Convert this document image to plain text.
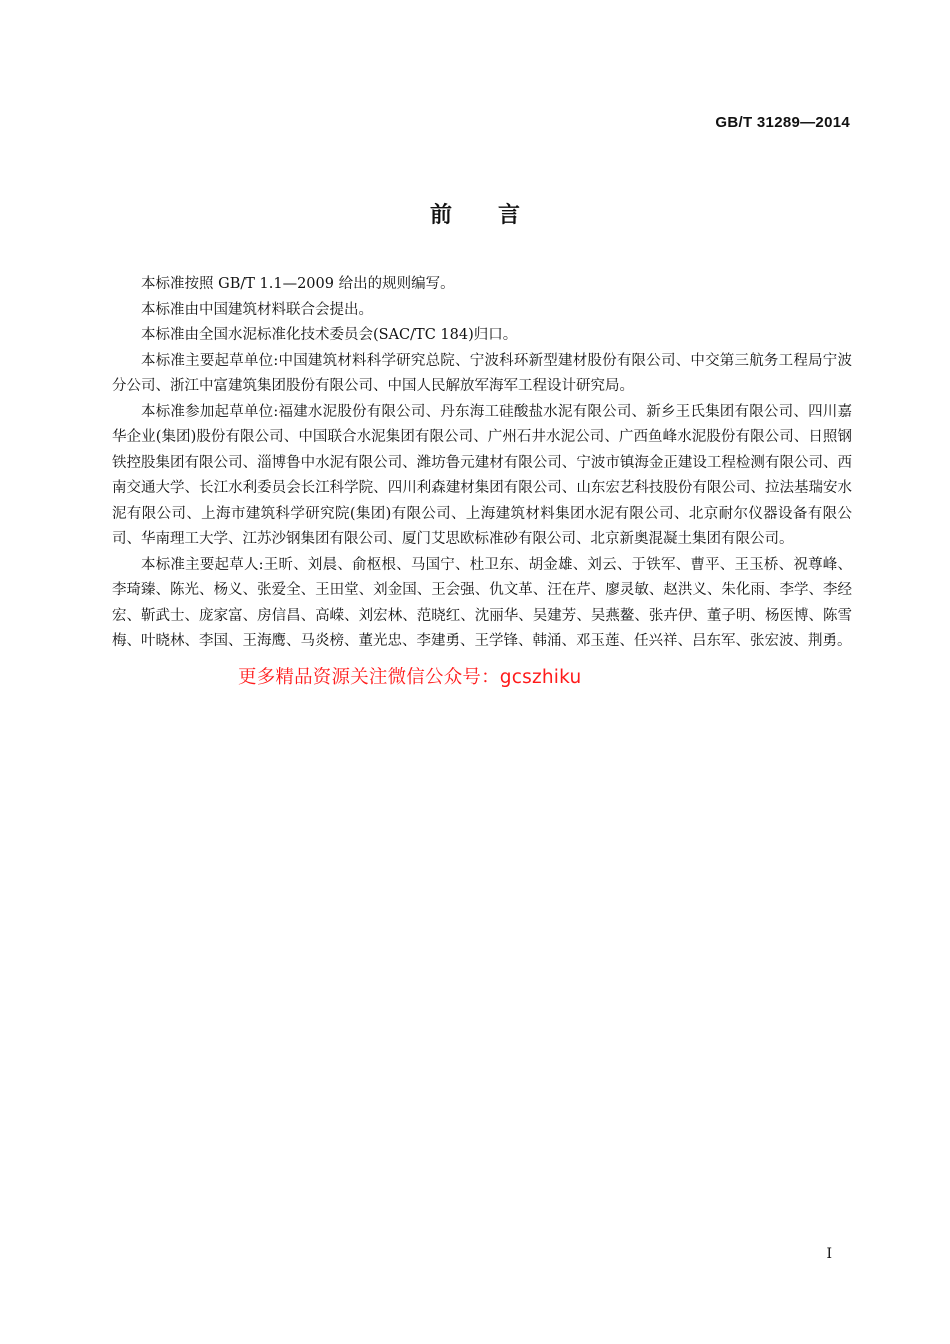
GB/T 31289—2014
前言

本标准按照 GB/T 1.1—2009 给出的规则编写。

本标准由中国建筑材料联合会提出。

本标准由全国水泥标准化技术委员会(SAC/TC 184)归口。

本标准主要起草单位:中国建筑材料科学研究总院、宁波科环新型建材股份有限公司、中交第三航务工程局宁波分公司、浙江中富建筑集团股份有限公司、中国人民解放军海军工程设计研究局。

本标准参加起草单位:福建水泥股份有限公司、丹东海工硅酸盐水泥有限公司、新乡王氏集团有限公司、四川嘉华企业(集团)股份有限公司、中国联合水泥集团有限公司、广州石井水泥公司、广西鱼峰水泥股份有限公司、日照钢铁控股集团有限公司、淄博鲁中水泥有限公司、潍坊鲁元建材有限公司、宁波市镇海金正建设工程检测有限公司、西南交通大学、长江水利委员会长江科学院、四川利森建材集团有限公司、山东宏艺科技股份有限公司、拉法基瑞安水泥有限公司、上海市建筑科学研究院(集团)有限公司、上海建筑材料集团水泥有限公司、北京耐尔仪器设备有限公司、华南理工大学、江苏沙钢集团有限公司、厦门艾思欧标准砂有限公司、北京新奥混凝土集团有限公司。

本标准主要起草人:王昕、刘晨、俞枢根、马国宁、杜卫东、胡金雄、刘云、于铁军、曹平、王玉桥、祝尊峰、李琦臻、陈光、杨义、张爱全、王田堂、刘金国、王会强、仇文革、汪在芹、廖灵敏、赵洪义、朱化雨、李学、李经宏、靳武士、庞家富、房信昌、高嵘、刘宏林、范晓红、沈丽华、吴建芳、吴燕鳌、张卉伊、董子明、杨医博、陈雪梅、叶晓林、李国、王海鹰、马炎榜、董光忠、李建勇、王学锋、韩涌、邓玉莲、任兴祥、吕东军、张宏波、荆勇。

更多精品资源关注微信公众号：gcszhiku
I
